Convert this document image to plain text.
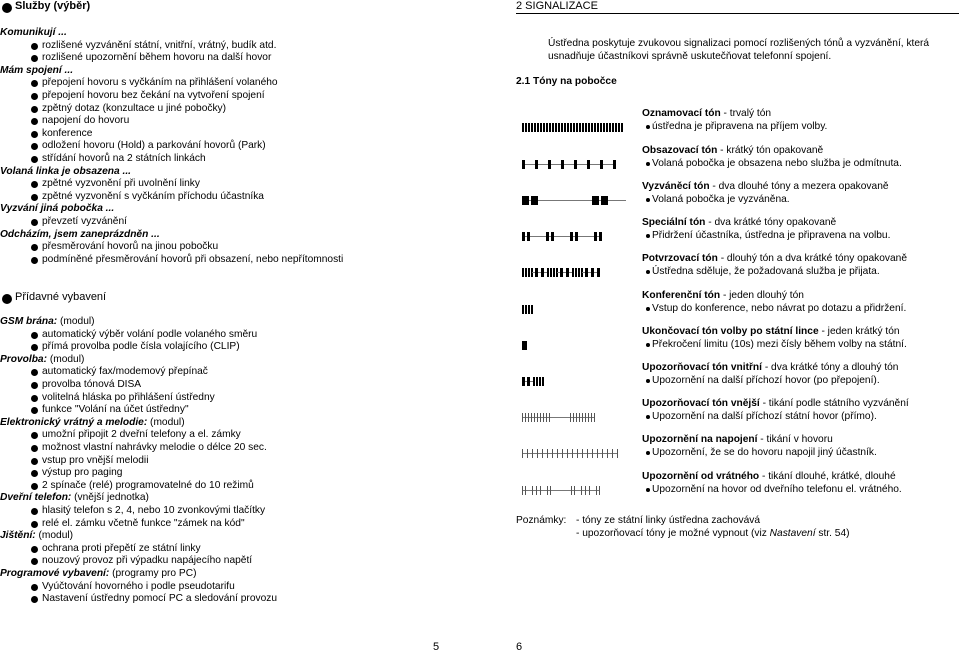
Služby (výběr)
Komunikují ...
rozlišené vyzvánění státní, vnitřní, vrátný, budík atd.
rozlišené upozornění během hovoru na další hovor
Mám spojení ...
přepojení hovoru s vyčkáním na přihlášení volaného
přepojení hovoru bez čekání na vytvoření spojení
zpětný dotaz (konzultace u jiné pobočky)
napojení do hovoru
konference
odložení hovoru (Hold) a parkování hovorů (Park)
střídání hovorů na 2 státních linkách
Volaná linka je obsazena ...
zpětné vyzvonění při uvolnění linky
zpětné vyzvonění s vyčkáním příchodu účastníka
Vyzvání jiná pobočka ...
převzetí vyzvánění
Odcházím, jsem zaneprázdněn ...
přesměrování hovorů na jinou pobočku
podmíněné přesměrování hovorů při obsazení, nebo nepřítomnosti
Přídavné vybavení
GSM brána: (modul)
automatický výběr volání podle volaného směru
přímá provolba podle čísla volajícího (CLIP)
Provolba: (modul)
automatický fax/modemový přepínač
provolba tónová DISA
volitelná hláska po přihlášení ústředny
funkce "Volání na účet ústředny"
Elektronický vrátný a melodie: (modul)
umožní připojit 2 dveřní telefony a el. zámky
možnost vlastní nahrávky melodie o délce 20 sec.
vstup pro vnější melodii
výstup pro paging
2 spínače (relé) programovatelné do 10 režimů
Dveřní telefon: (vnější jednotka)
hlasitý telefon s 2, 4, nebo 10 zvonkovými tlačítky
relé el. zámku včetně funkce "zámek na kód"
Jištění: (modul)
ochrana proti přepětí ze státní linky
nouzový provoz při výpadku napájecího napětí
Programové vybavení: (programy pro PC)
Vyúčtování hovorného i podle pseudotarifu
Nastavení ústředny pomocí PC a sledování provozu
5
2 SIGNALIZACE
Ústředna poskytuje zvukovou signalizaci pomocí rozlišených tónů a vyzvánění, která
usnadňuje účastníkovi správně uskutečňovat telefonní spojení.
2.1 Tóny na pobočce
Oznamovací tón - trvalý tón
ústředna je připravena na příjem volby.
Obsazovací tón - krátký tón opakovaně
Volaná pobočka je obsazena nebo služba je odmítnuta.
Vyzváněcí tón - dva dlouhé tóny a mezera opakovaně
Volaná pobočka je vyzváněna.
Speciální tón - dva krátké tóny opakovaně
Přidržení účastníka, ústředna je připravena na volbu.
Potvrzovací tón - dlouhý tón a dva krátké tóny opakovaně
Ústředna sděluje, že požadovaná služba je přijata.
Konferenční tón - jeden dlouhý tón
Vstup do konference, nebo návrat po dotazu a přidržení.
Ukončovací tón volby po státní lince - jeden krátký tón
Překročení limitu (10s) mezi čísly během volby na státní.
Upozorňovací tón vnitřní - dva krátké tóny a dlouhý tón
Upozornění na další příchozí hovor (po přepojení).
Upozorňovací tón vnější - tikání podle státního vyzvánění
Upozornění na další příchozí státní hovor (přímo).
Upozornění na napojení - tikání v hovoru
Upozornění, že se do hovoru napojil jiný účastník.
Upozornění od vrátného - tikání dlouhé, krátké, dlouhé
Upozornění na hovor od dveřního telefonu el. vrátného.
Poznámky: - tóny ze státní linky ústředna zachovává
- upozorňovací tóny je možné vypnout (viz Nastavení str. 54)
6
